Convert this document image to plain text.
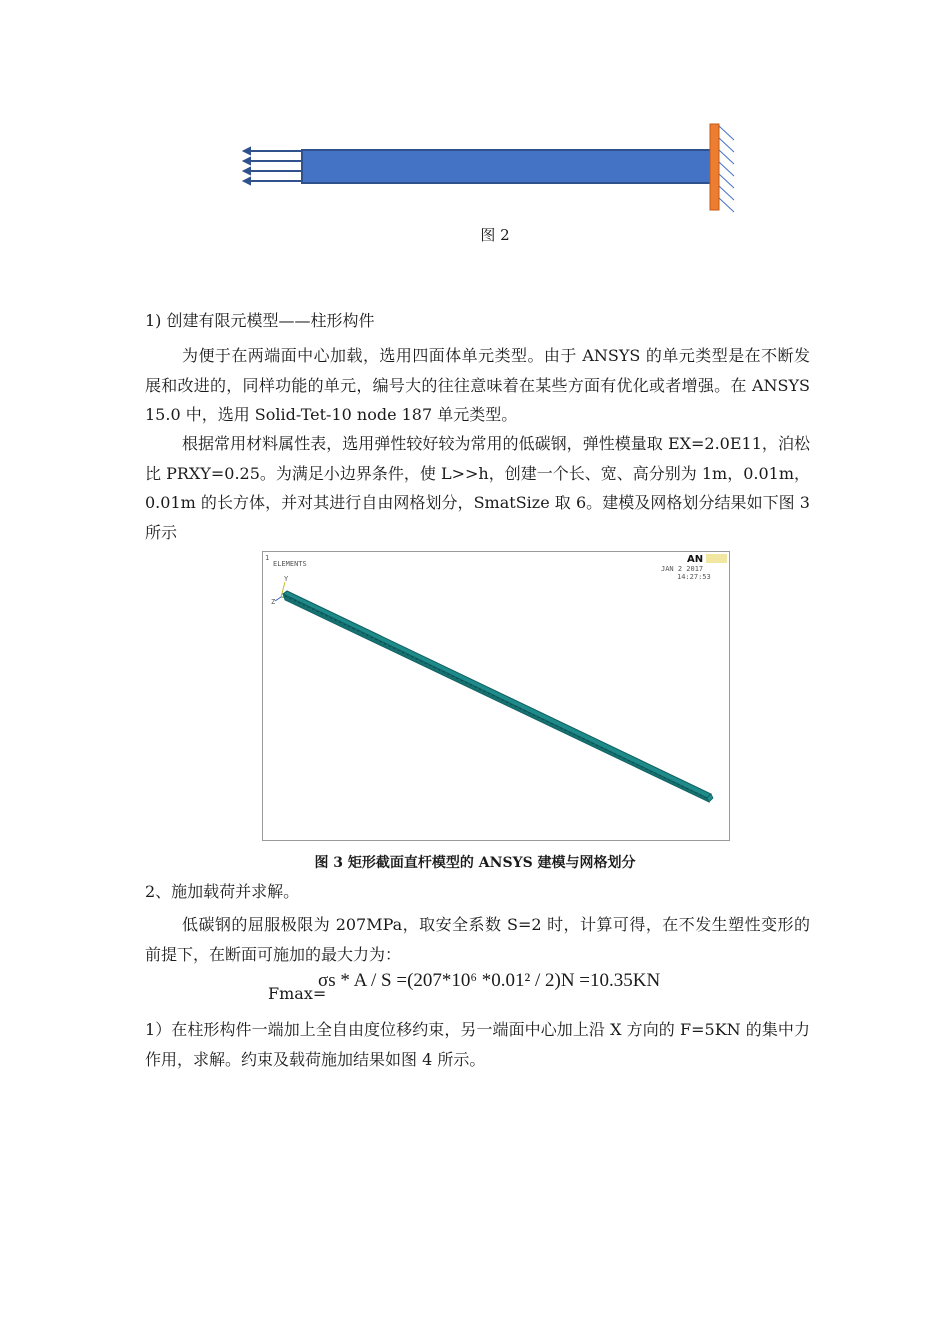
图 2
1) 创建有限元模型——柱形构件
为便于在两端面中心加载，选用四面体单元类型。由于 ANSYS 的单元类型是在不断发展和改进的，同样功能的单元，编号大的往往意味着在某些方面有优化或者增强。在 ANSYS 15.0 中，选用 Solid-Tet-10 node 187 单元类型。
根据常用材料属性表，选用弹性较好较为常用的低碳钢，弹性模量取 EX=2.0E11，泊松比 PRXY=0.25。为满足小边界条件，使 L>>h，创建一个长、宽、高分别为 1m，0.01m，0.01m 的长方体，并对其进行自由网格划分，SmatSize 取 6。建模及网格划分结果如下图 3 所示
ELEMENTS	AN
JAN 2 2017
14:27:53
1
Y
Z
图 3 矩形截面直杆模型的 ANSYS 建模与网格划分
2、施加载荷并求解。
低碳钢的屈服极限为 207MPa，取安全系数 S=2 时，计算可得，在不发生塑性变形的前提下，在断面可施加的最大力为：
Fmax=
σs * A / S =(207*10⁶ *0.01² / 2)N =10.35KN
1）在柱形构件一端加上全自由度位移约束，另一端面中心加上沿 X 方向的 F=5KN 的集中力作用，求解。约束及载荷施加结果如图 4 所示。
